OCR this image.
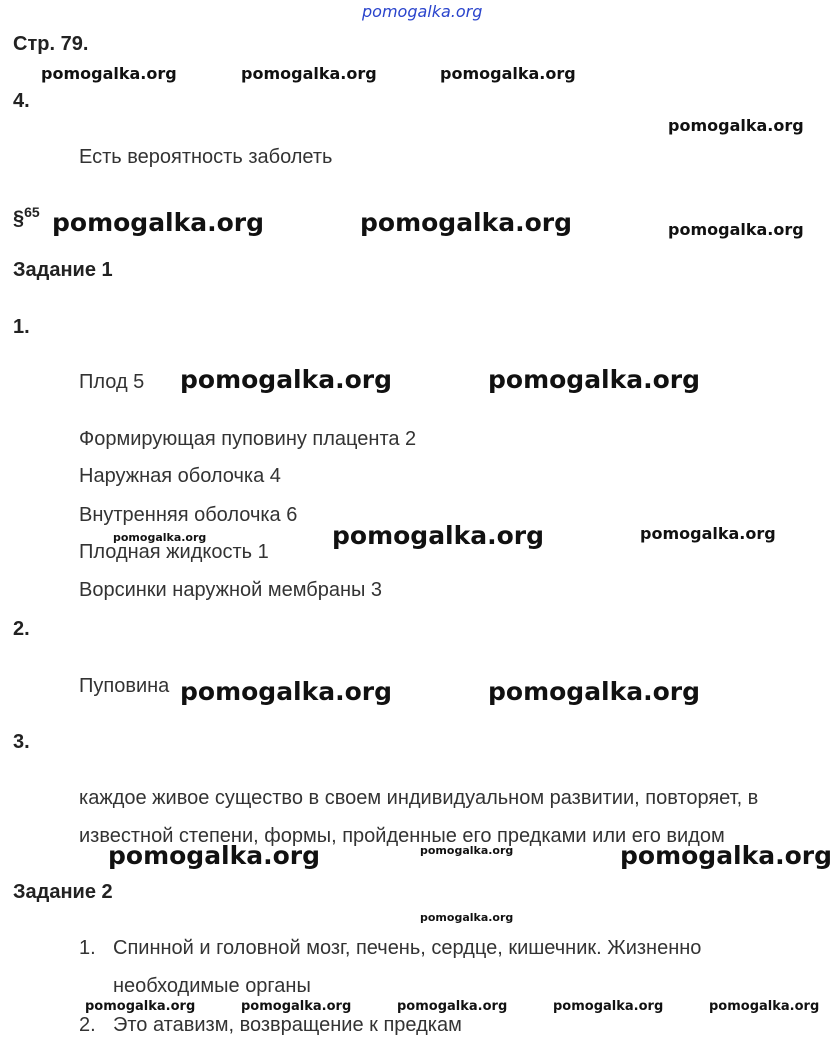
Стр. 79.
4.
Есть вероятность заболеть
§$^{65}$
Задание 1
1.
Плод 5
Формирующая пуповину плацента 2
Наружная оболочка 4
Внутренняя оболочка 6
Плодная жидкость 1
Ворсинки наружной мембраны 3
2.
Пуповина
3.
каждое живое существо в своем индивидуальном развитии, повторяет, в
известной степени, формы, пройденные его предками или его видом
Задание 2
1. Спинной и головной мозг, печень, сердце, кишечник. Жизненно
необходимые органы
2. Это атавизм, возвращение к предкам
pomogalka.org
pomogalka.org	pomogalka.org	pomogalka.org
pomogalka.org
pomogalka.org	pomogalka.org	pomogalka.org
pomogalka.org	pomogalka.org
pomogalka.org	pomogalka.org	pomogalka.org
pomogalka.org	pomogalka.org
pomogalka.org	pomogalka.org	pomogalka.org
pomogalka.org
pomogalka.org	pomogalka.org	pomogalka.org	pomogalka.org	pomogalka.org
